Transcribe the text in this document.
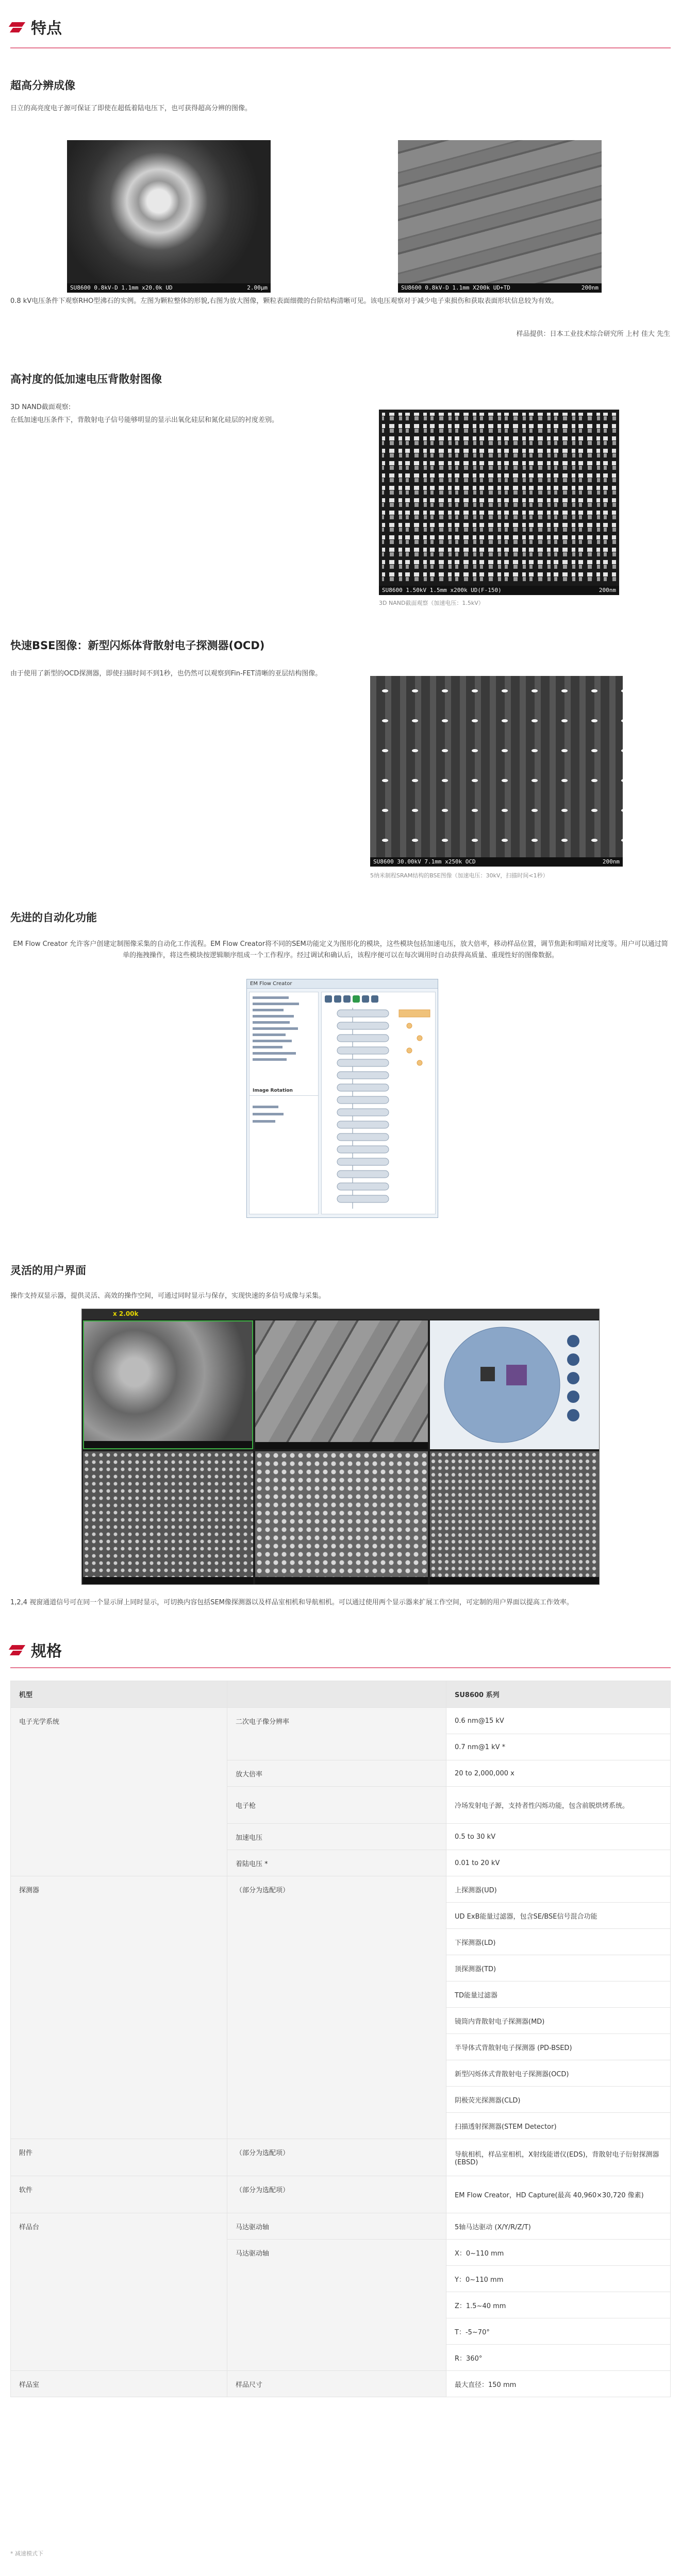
特点
超高分辨成像
日立的高亮度电子源可保证了即使在超低着陆电压下，也可获得超高分辨的图像。
SU8600 0.8kV-D 1.1mm x20.0k UD	2.00μm	SU8600 0.8kV-D 1.1mm X200k UD+TD	200nm
0.8 kV电压条件下观察RHO型沸石的实例。左图为颗粒整体的形貌,右图为放大图像，颗粒表面细微的台阶结构清晰可见。该电压观察对于减少电子束损伤和获取表面形状信息较为有效。
样品提供：日本工业技术综合研究所 上村 佳大 先生
高衬度的低加速电压背散射图像
3D NAND截面观察:
在低加速电压条件下，背散射电子信号能够明显的显示出氧化硅层和氮化硅层的衬度差别。
SU8600 1.50kV 1.5mm x200k UD(F-150)	200nm
3D NAND截面观察（加速电压：1.5kV）
快速BSE图像：新型闪烁体背散射电子探测器(OCD)
由于使用了新型的OCD探测器，即使扫描时间不到1秒，也仍然可以观察到Fin-FET清晰的亚层结构图像。
SU8600 30.00kV 7.1mm x250k OCD	200nm
5纳米制程SRAM结构的BSE图像（加速电压：30kV，扫描时间<1秒）
先进的自动化功能
EM Flow Creator 允许客户创建定制图像采集的自动化工作流程。EM Flow Creator将不同的SEM功能定义为图形化的模块，这些模块包括加速电压，放大倍率，移动样品位置，调节焦距和明暗对比度等。用户可以通过简单的拖拽操作，将这些模块按逻辑顺序组成一个工作程序。经过调试和确认后，该程序便可以在每次调用时自动获得高质量、重现性好的图像数据。
EM Flow Creator
Image Rotation
灵活的用户界面
操作支持双显示器，提供灵活、高效的操作空间，可通过同时显示与保存，实现快速的多信号成像与采集。
x 2.00k
1,2,4 视窗通道信号可在同一个显示屏上同时显示，可切换内容包括SEM像探测器以及样品室相机和导航相机。可以通过使用两个显示器来扩展工作空间，可定制的用户界面以提高工作效率。
规格
机型		SU8600 系列
电子光学系统	二次电子像分辨率	0.6 nm@15 kV
		0.7 nm@1 kV *
	放大倍率	20 to 2,000,000 x
	电子枪	冷场发射电子源，支持者性闪烁功能，包含前脱烘烤系统。
	加速电压	0.5 to 30 kV
	着陆电压 *	0.01 to 20 kV
探测器	（部分为选配项）	上探测器(UD)
		UD ExB能量过滤器，包含SE/BSE信号混合功能
		下探测器(LD)
		顶探测器(TD)
		TD能量过滤器
		镜筒内背散射电子探测器(MD)
		半导体式背散射电子探测器 (PD-BSED)
		新型闪烁体式背散射电子探测器(OCD)
		阴极荧光探测器(CLD)
		扫描透射探测器(STEM Detector)
附件	（部分为选配项）	导航相机，样品室相机，X射线能谱仪(EDS)，背散射电子衍射探测器(EBSD)
软件	（部分为选配项）	EM Flow Creator，HD Capture(最高 40,960×30,720 像素)
样品台	马达驱动轴	5轴马达驱动 (X/Y/R/Z/T)
	马达驱动轴	X：0~110 mm
		Y：0~110 mm
		Z：1.5~40 mm
		T：-5~70°
		R：360°
样品室	样品尺寸	最大直径：150 mm
* 减速模式下
